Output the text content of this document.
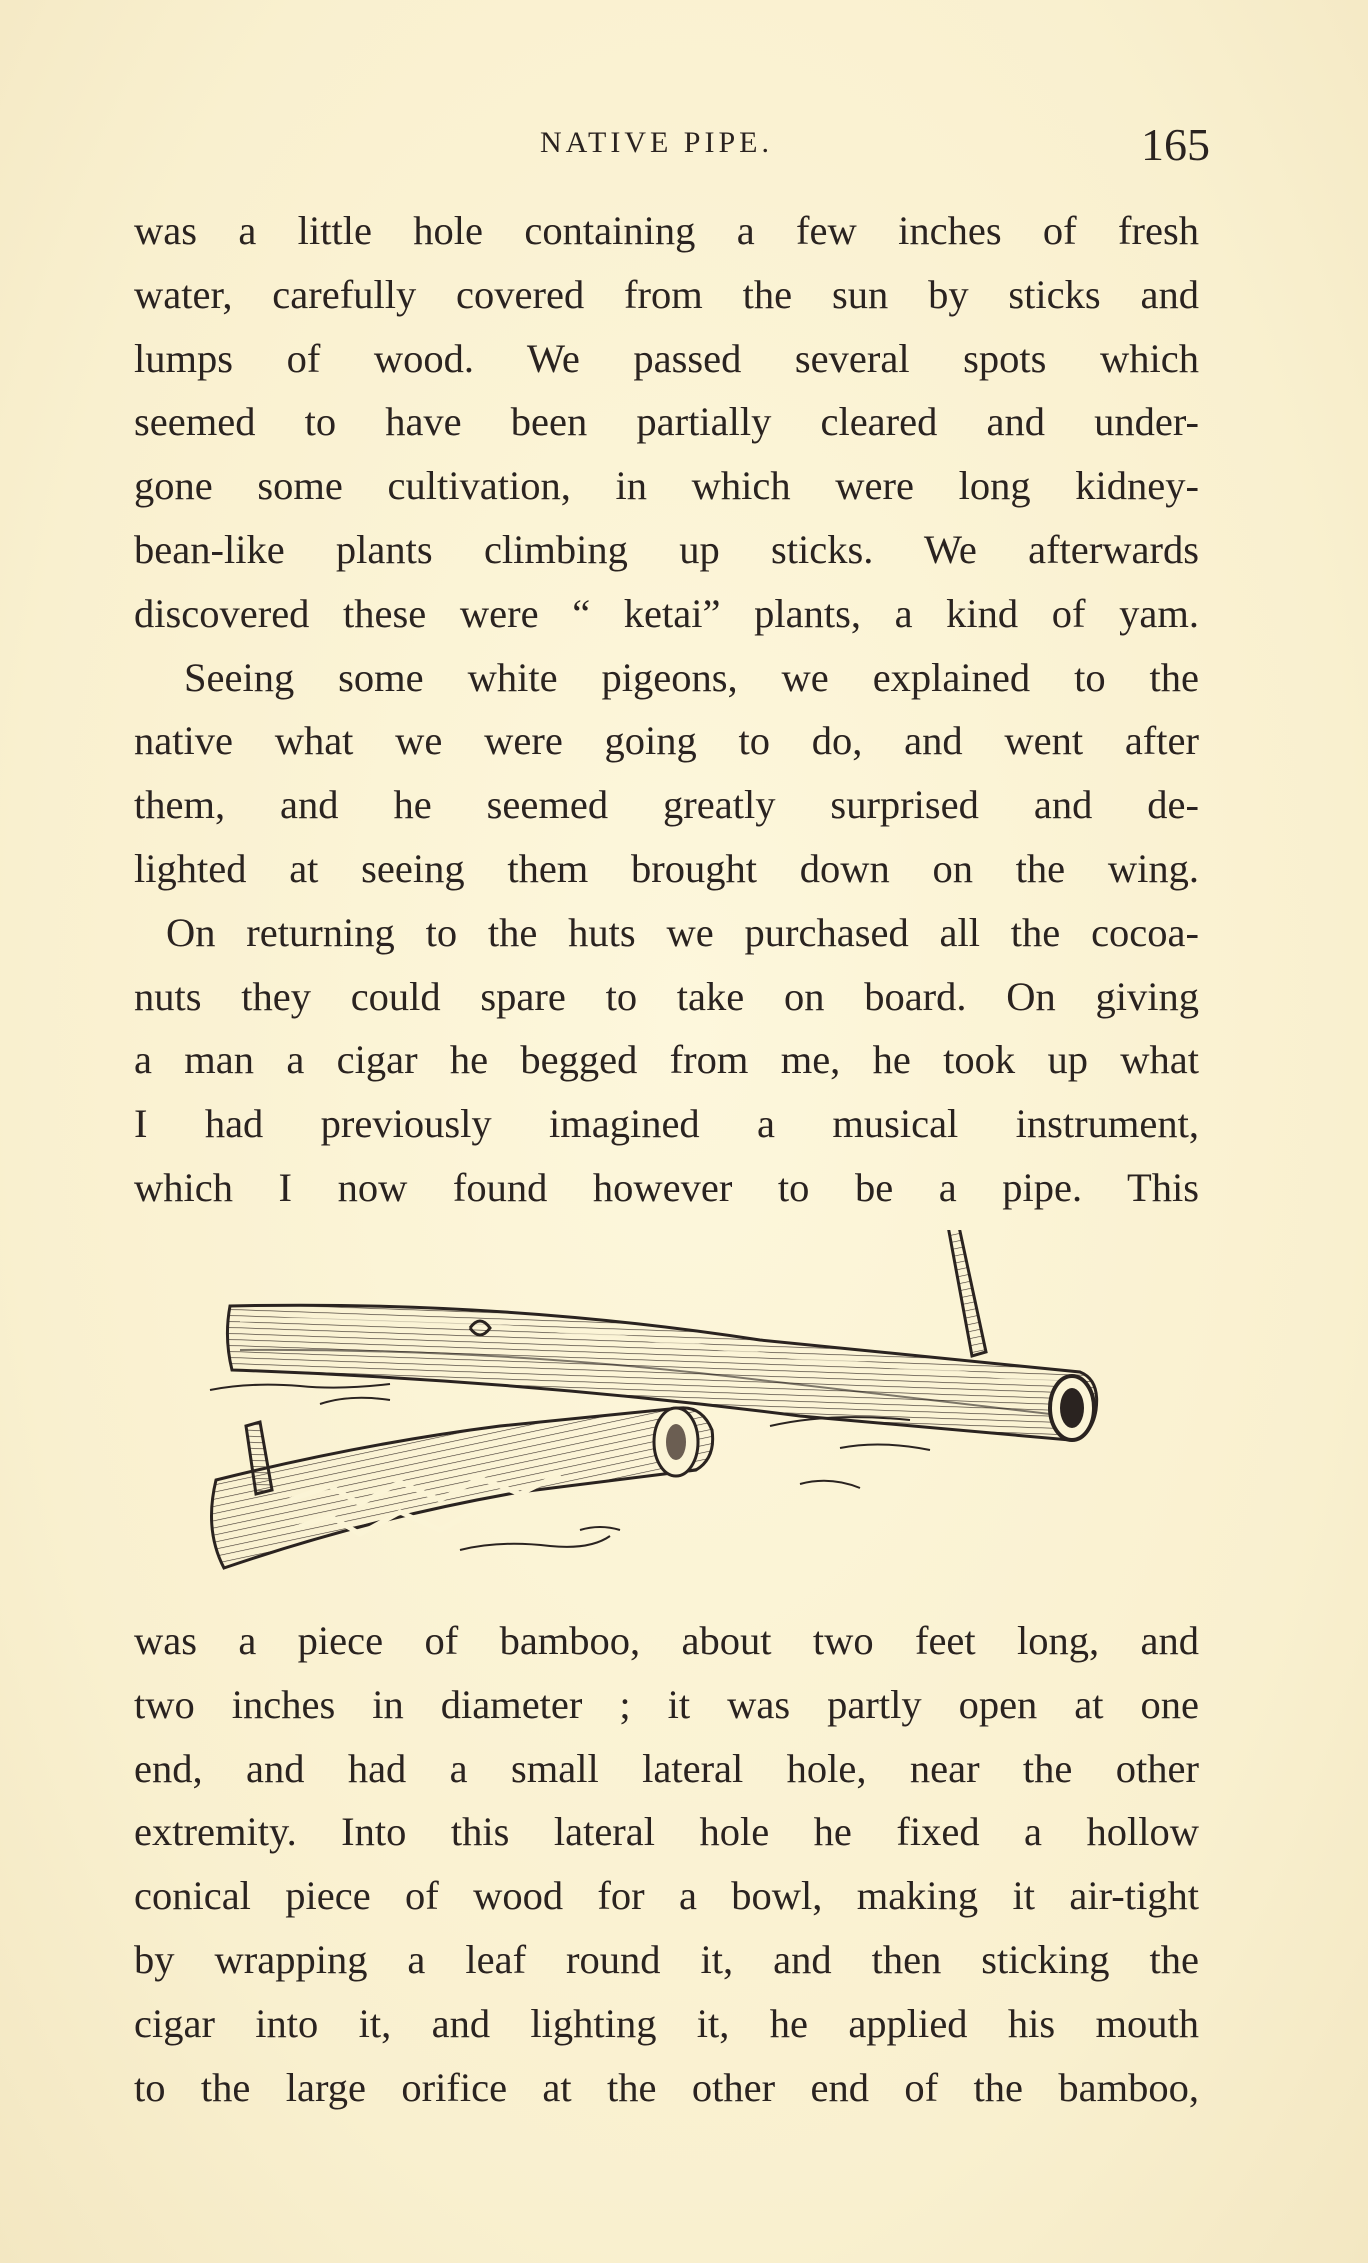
NATIVE PIPE.	165
was a little hole containing a few inches of fresh
water, carefully covered from the sun by sticks and
lumps of wood. We passed several spots which
seemed to have been partially cleared and under-
gone some cultivation, in which were long kidney-
bean-like plants climbing up sticks. We afterwards
discovered these were “ ketai” plants, a kind of yam.
Seeing some white pigeons, we explained to the
native what we were going to do, and went after
them, and he seemed greatly surprised and de-
lighted at seeing them brought down on the wing.
On returning to the huts we purchased all the cocoa-
nuts they could spare to take on board. On giving
a man a cigar he begged from me, he took up what
I had previously imagined a musical instrument,
which I now found however to be a pipe. This
was a piece of bamboo, about two feet long, and
two inches in diameter ; it was partly open at one
end, and had a small lateral hole, near the other
extremity. Into this lateral hole he fixed a hollow
conical piece of wood for a bowl, making it air-tight
by wrapping a leaf round it, and then sticking the
cigar into it, and lighting it, he applied his mouth
to the large orifice at the other end of the bamboo,
